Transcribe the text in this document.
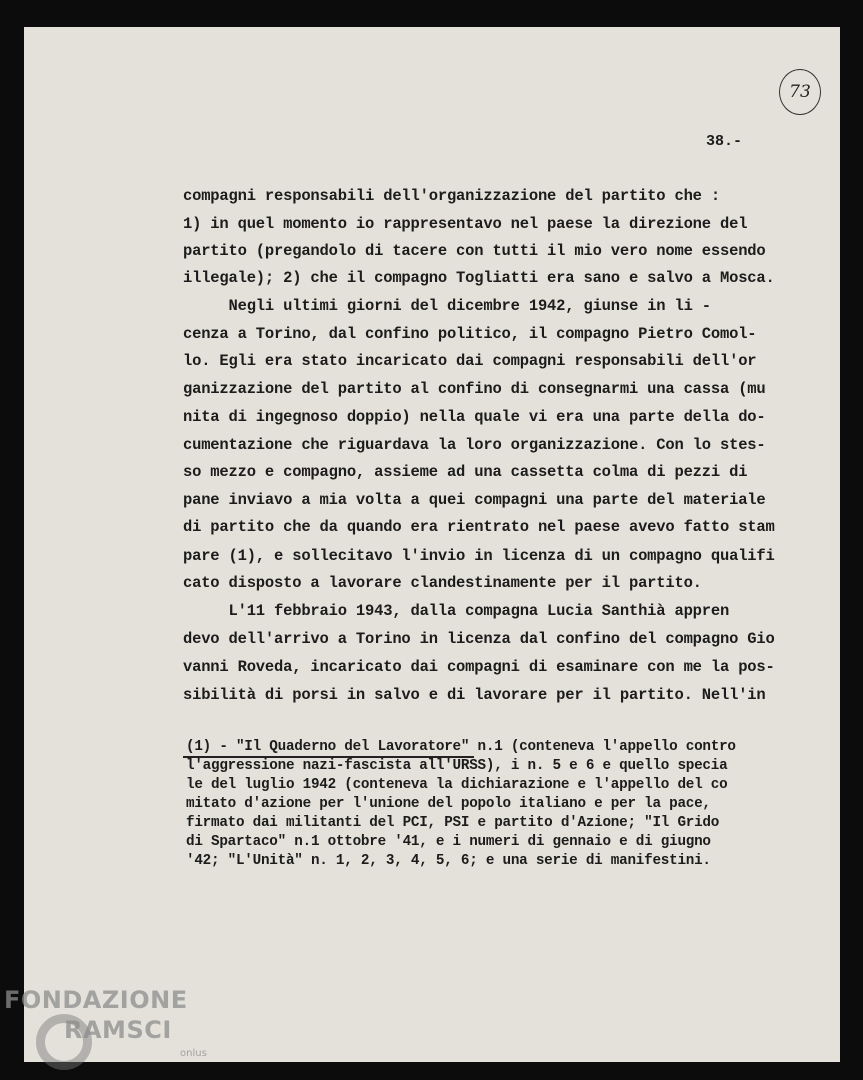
73
38.-
compagni responsabili dell'organizzazione del partito che :
1) in quel momento io rappresentavo nel paese la direzione del
partito (pregandolo di tacere con tutti il mio vero nome essendo
illegale); 2) che il compagno Togliatti era sano e salvo a Mosca.
Negli ultimi giorni del dicembre 1942, giunse in li -
cenza a Torino, dal confino politico, il compagno Pietro Comol-
lo. Egli era stato incaricato dai compagni responsabili dell'or
ganizzazione del partito al confino di consegnarmi una cassa (mu
nita di ingegnoso doppio) nella quale vi era una parte della do-
cumentazione che riguardava la loro organizzazione. Con lo stes-
so mezzo e compagno, assieme ad una cassetta colma di pezzi di
pane inviavo a mia volta a quei compagni una parte del materiale
di partito che da quando era rientrato nel paese avevo fatto stam
pare (1), e sollecitavo l'invio in licenza di un compagno qualifi
cato disposto a lavorare clandestinamente per il partito.
L'11 febbraio 1943, dalla compagna Lucia Santhià appren
devo dell'arrivo a Torino in licenza dal confino del compagno Gio
vanni Roveda, incaricato dai compagni di esaminare con me la pos-
sibilità di porsi in salvo e di lavorare per il partito. Nell'in
(1) - "Il Quaderno del Lavoratore" n.1 (conteneva l'appello contro
l'aggressione nazi-fascista all'URSS), i n. 5 e 6 e quello specia
le del luglio 1942 (conteneva la dichiarazione e l'appello del co
mitato d'azione per l'unione del popolo italiano e per la pace,
firmato dai militanti del PCI, PSI e partito d'Azione; "Il Grido
di Spartaco" n.1 ottobre '41, e i numeri di gennaio e di giugno
'42; "L'Unità" n. 1, 2, 3, 4, 5, 6; e una serie di manifestini.
FONDAZIONE
RAMSCI
onlus
